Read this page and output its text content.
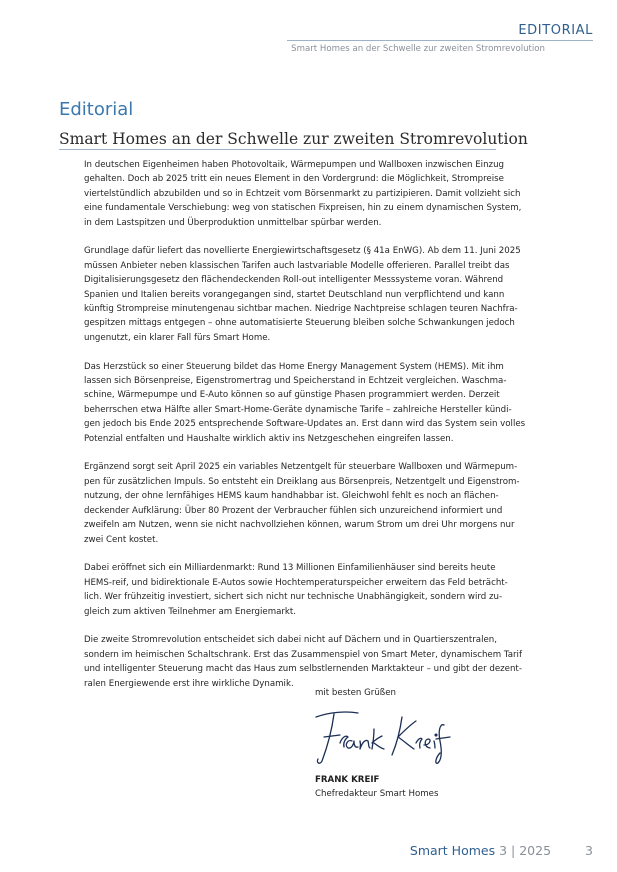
EDITORIAL
Smart Homes an der Schwelle zur zweiten Stromrevolution
Editorial
Smart Homes an der Schwelle zur zweiten Stromrevolution
In deutschen Eigenheimen haben Photovoltaik, Wärmepumpen und Wallboxen inzwischen Einzug
gehalten. Doch ab 2025 tritt ein neues Element in den Vordergrund: die Möglichkeit, Strompreise
viertelstündlich abzubilden und so in Echtzeit vom Börsenmarkt zu partizipieren. Damit vollzieht sich
eine fundamentale Verschiebung: weg von statischen Fixpreisen, hin zu einem dynamischen System,
in dem Lastspitzen und Überproduktion unmittelbar spürbar werden.
Grundlage dafür liefert das novellierte Energiewirtschaftsgesetz (§ 41a EnWG). Ab dem 11. Juni 2025
müssen Anbieter neben klassischen Tarifen auch lastvariable Modelle offerieren. Parallel treibt das
Digitalisierungsgesetz den flächendeckenden Roll-out intelligenter Messsysteme voran. Während
Spanien und Italien bereits vorangegangen sind, startet Deutschland nun verpflichtend und kann
künftig Strompreise minutengenau sichtbar machen. Niedrige Nachtpreise schlagen teuren Nachfra-
gespitzen mittags entgegen – ohne automatisierte Steuerung bleiben solche Schwankungen jedoch
ungenutzt, ein klarer Fall fürs Smart Home.
Das Herzstück so einer Steuerung bildet das Home Energy Management System (HEMS). Mit ihm
lassen sich Börsenpreise, Eigenstromertrag und Speicherstand in Echtzeit vergleichen. Waschma-
schine, Wärmepumpe und E-Auto können so auf günstige Phasen programmiert werden. Derzeit
beherrschen etwa Hälfte aller Smart-Home-Geräte dynamische Tarife – zahlreiche Hersteller kündi-
gen jedoch bis Ende 2025 entsprechende Software-Updates an. Erst dann wird das System sein volles
Potenzial entfalten und Haushalte wirklich aktiv ins Netzgeschehen eingreifen lassen.
Ergänzend sorgt seit April 2025 ein variables Netzentgelt für steuerbare Wallboxen und Wärmepum-
pen für zusätzlichen Impuls. So entsteht ein Dreiklang aus Börsenpreis, Netzentgelt und Eigenstrom-
nutzung, der ohne lernfähiges HEMS kaum handhabbar ist. Gleichwohl fehlt es noch an flächen-
deckender Aufklärung: Über 80 Prozent der Verbraucher fühlen sich unzureichend informiert und
zweifeln am Nutzen, wenn sie nicht nachvollziehen können, warum Strom um drei Uhr morgens nur
zwei Cent kostet.
Dabei eröffnet sich ein Milliardenmarkt: Rund 13 Millionen Einfamilienhäuser sind bereits heute
HEMS-reif, und bidirektionale E-Autos sowie Hochtemperaturspeicher erweitern das Feld beträcht-
lich. Wer frühzeitig investiert, sichert sich nicht nur technische Unabhängigkeit, sondern wird zu-
gleich zum aktiven Teilnehmer am Energiemarkt.
Die zweite Stromrevolution entscheidet sich dabei nicht auf Dächern und in Quartierszentralen,
sondern im heimischen Schaltschrank. Erst das Zusammenspiel von Smart Meter, dynamischem Tarif
und intelligenter Steuerung macht das Haus zum selbstlernenden Marktakteur – und gibt der dezent-
ralen Energiewende erst ihre wirkliche Dynamik.
mit besten Grüßen
FRANK KREIF
Chefredakteur Smart Homes
Smart Homes 3 | 2025	3
